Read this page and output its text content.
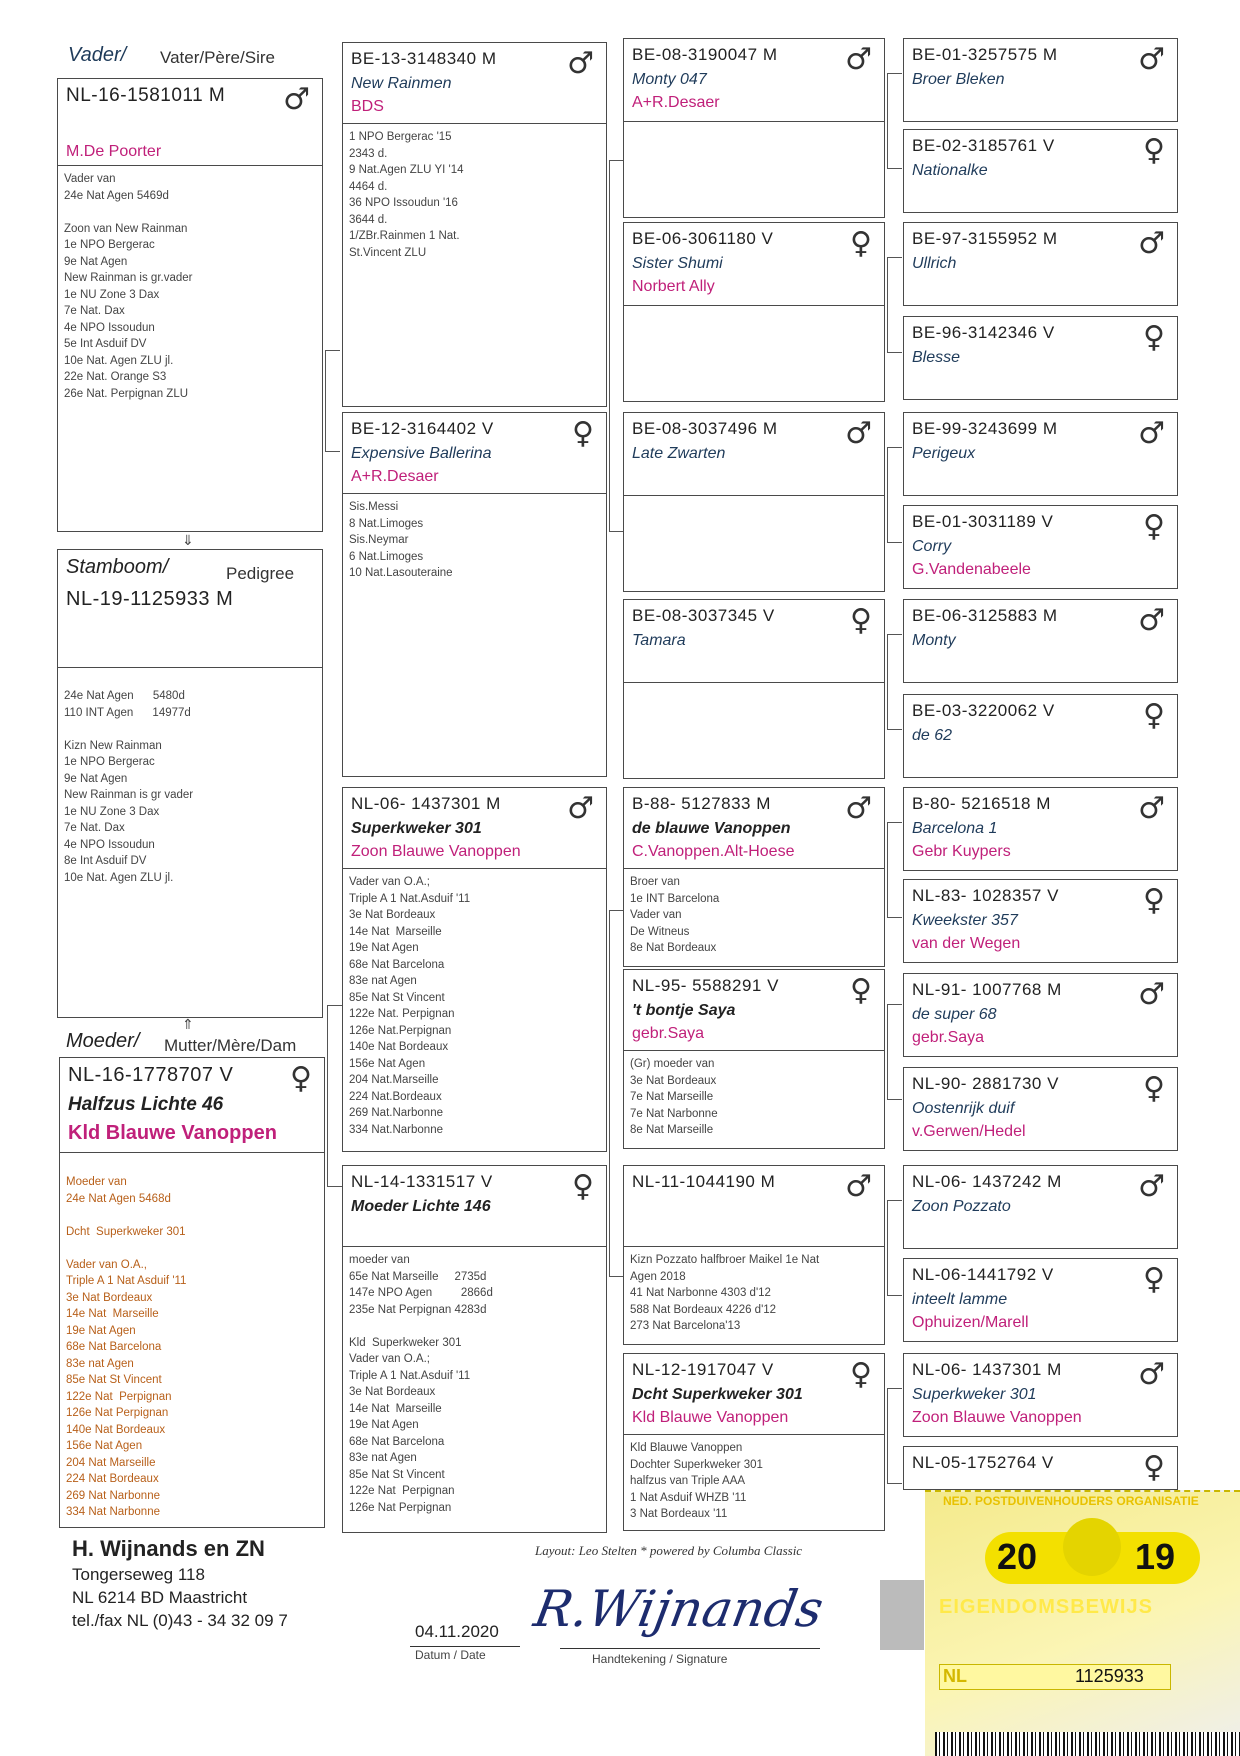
Vader/ Vater/Père/Sire
NL-16-1581011 M ♂
M.De Poorter
Vader van
24e Nat Agen 5469d

Zoon van New Rainman
1e NPO Bergerac
9e Nat Agen
New Rainman is gr.vader
1e NU Zone 3 Dax
7e Nat. Dax
4e NPO Issoudun
5e Int Asduif DV
10e Nat. Agen ZLU jl.
22e Nat. Orange S3
26e Nat. Perpignan ZLU
⇓
Stamboom/	Pedigree
NL-19-1125933 M
24e Nat Agen      5480d
110 INT Agen      14977d

Kizn New Rainman
1e NPO Bergerac
9e Nat Agen
New Rainman is gr vader
1e NU Zone 3 Dax
7e Nat. Dax
4e NPO Issoudun
8e Int Asduif DV
10e Nat. Agen ZLU jl.
⇑
Moeder/ Mutter/Mère/Dam
NL-16-1778707 V ♀
Halfzus Lichte 46
Kld Blauwe Vanoppen
Moeder van
24e Nat Agen 5468d

Dcht  Superkweker 301

Vader van O.A.,
Triple A 1 Nat Asduif '11
3e Nat Bordeaux
14e Nat  Marseille
19e Nat Agen
68e Nat Barcelona
83e nat Agen
85e Nat St Vincent
122e Nat  Perpignan
126e Nat Perpignan
140e Nat Bordeaux
156e Nat Agen
204 Nat Marseille
224 Nat Bordeaux
269 Nat Narbonne
334 Nat Narbonne
BE-13-3148340 M ♂
New Rainmen
BDS
1 NPO Bergerac '15
2343 d.
9 Nat.Agen ZLU YI '14
4464 d.
36 NPO Issoudun '16
3644 d.
1/ZBr.Rainmen 1 Nat.
St.Vincent ZLU
BE-12-3164402 V	♀
Expensive Ballerina
A+R.Desaer
Sis.Messi
8 Nat.Limoges
Sis.Neymar
6 Nat.Limoges
10 Nat.Lasouteraine
NL-06- 1437301 M ♂
Superkweker 301
Zoon Blauwe Vanoppen
Vader van O.A.;
Triple A 1 Nat.Asduif '11
3e Nat Bordeaux
14e Nat  Marseille
19e Nat Agen
68e Nat Barcelona
83e nat Agen
85e Nat St Vincent
122e Nat. Perpignan
126e Nat.Perpignan
140e Nat Bordeaux
156e Nat Agen
204 Nat.Marseille
224 Nat.Bordeaux
269 Nat.Narbonne
334 Nat.Narbonne
NL-14-1331517 V	♀
Moeder Lichte 146
moeder van
65e Nat Marseille     2735d
147e NPO Agen         2866d
235e Nat Perpignan 4283d

Kld  Superkweker 301
Vader van O.A.;
Triple A 1 Nat.Asduif '11
3e Nat Bordeaux
14e Nat  Marseille
19e Nat Agen
68e Nat Barcelona
83e nat Agen
85e Nat St Vincent
122e Nat  Perpignan
126e Nat Perpignan
BE-08-3190047 M ♂
Monty 047
A+R.Desaer
BE-06-3061180 V	♀
Sister Shumi
Norbert Ally
BE-08-3037496 M ♂
Late Zwarten
BE-08-3037345 V	♀
Tamara
B-88- 5127833 M ♂
de blauwe Vanoppen
C.Vanoppen.Alt-Hoese
Broer van
1e INT Barcelona
Vader van
De Witneus
8e Nat Bordeaux
NL-95- 5588291 V ♀
't bontje Saya
gebr.Saya
(Gr) moeder van
3e Nat Bordeaux
7e Nat Marseille
7e Nat Narbonne
8e Nat Marseille
NL-11-1044190 M ♂
Kizn Pozzato halfbroer Maikel 1e Nat
Agen 2018
41 Nat Narbonne 4303 d'12
588 Nat Bordeaux 4226 d'12
273 Nat Barcelona'13
NL-12-1917047 V	♀
Dcht Superkweker 301
Kld Blauwe Vanoppen
Kld Blauwe Vanoppen
Dochter Superkweker 301
halfzus van Triple AAA
1 Nat Asduif WHZB '11
3 Nat Bordeaux '11
BE-01-3257575 M	♂
Broer Bleken
BE-02-3185761 V	♀
Nationalke
BE-97-3155952 M	♂
Ullrich
BE-96-3142346 V	♀
Blesse
BE-99-3243699 M	♂
Perigeux
BE-01-3031189 V	♀
Corry
G.Vandenabeele
BE-06-3125883 M	♂
Monty
BE-03-3220062 V	♀
de 62
B-80- 5216518 M	♂
Barcelona 1
Gebr Kuypers
NL-83- 1028357 V	♀
Kweekster 357
van der Wegen
NL-91- 1007768 M	♂
de super 68
gebr.Saya
NL-90- 2881730 V	♀
Oostenrijk duif
v.Gerwen/Hedel
NL-06- 1437242 M	♂
Zoon Pozzato
NL-06-1441792 V	♀
inteelt lamme
Ophuizen/Marell
NL-06- 1437301 M	♂
Superkweker 301
Zoon Blauwe Vanoppen
NL-05-1752764 V	♀
H. Wijnands en ZN
Tongerseweg 118
NL 6214 BD Maastricht
tel./fax NL (0)43 - 34 32 09 7
04.11.2020
Datum / Date
Layout: Leo Stelten * powered by Columba Classic
R.Wijnands
Handtekening / Signature
NED. POSTDUIVENHOUDERS ORGANISATIE
20	19
EIGENDOMSBEWIJS
NL	1125933
